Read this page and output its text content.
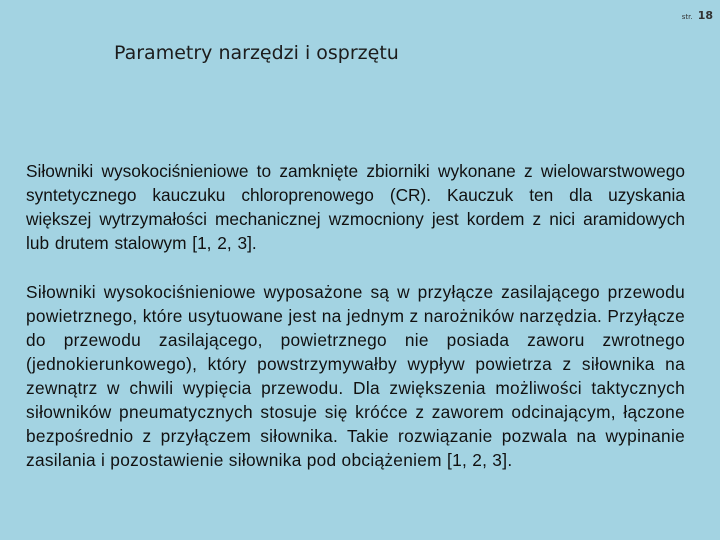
str. 18
Parametry narzędzi i osprzętu

Siłowniki wysokociśnieniowe to zamknięte zbiorniki wykonane z wielowarstwowego syntetycznego kauczuku chloroprenowego (CR). Kauczuk ten dla uzyskania większej wytrzymałości mechanicznej wzmocniony jest kordem z nici aramidowych lub drutem stalowym [1, 2, 3].

Siłowniki wysokociśnieniowe wyposażone są w przyłącze zasilającego przewodu powietrznego, które usytuowane jest na jednym z narożników narzędzia. Przyłącze do przewodu zasilającego, powietrznego nie posiada zaworu zwrotnego (jednokierunkowego), który powstrzymywałby wypływ powietrza z siłownika na zewnątrz w chwili wypięcia przewodu. Dla zwiększenia możliwości taktycznych siłowników pneumatycznych stosuje się króćce z zaworem odcinającym, łączone bezpośrednio z przyłączem siłownika. Takie rozwiązanie pozwala na wypinanie zasilania i pozostawienie siłownika pod obciążeniem [1, 2, 3].
